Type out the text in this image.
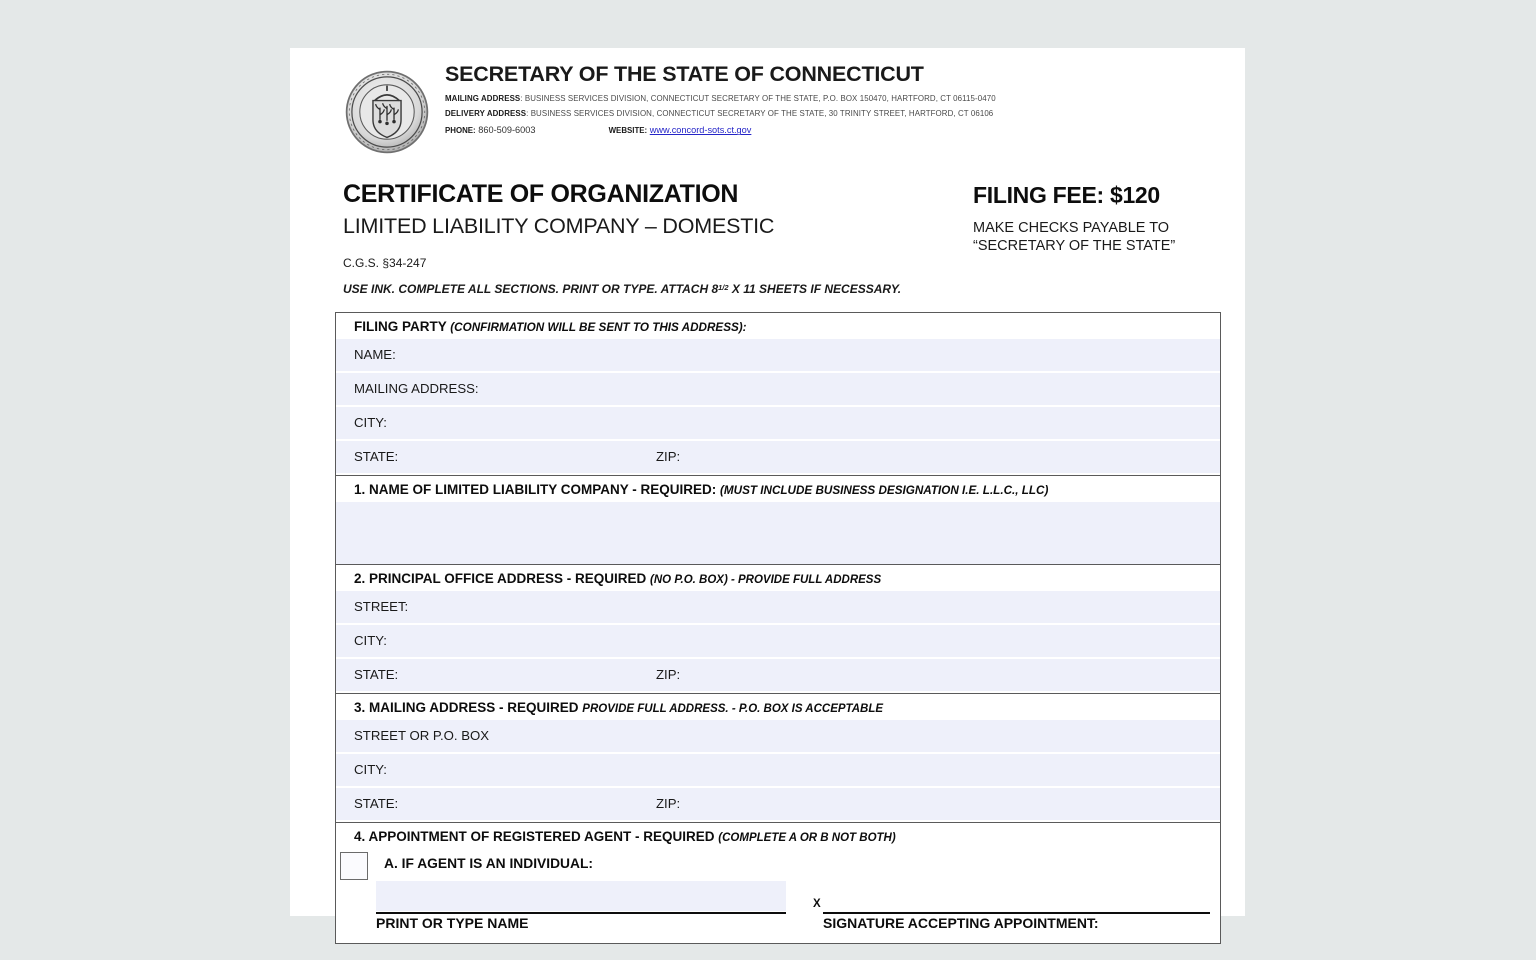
SECRETARY OF THE STATE OF CONNECTICUT
MAILING ADDRESS: BUSINESS SERVICES DIVISION, CONNECTICUT SECRETARY OF THE STATE, P.O. BOX 150470, HARTFORD, CT 06115-0470
DELIVERY ADDRESS: BUSINESS SERVICES DIVISION, CONNECTICUT SECRETARY OF THE STATE, 30 TRINITY STREET, HARTFORD, CT 06106
PHONE: 860-509-6003	WEBSITE: www.concord-sots.ct.gov
CERTIFICATE OF ORGANIZATION
LIMITED LIABILITY COMPANY – DOMESTIC
C.G.S. §34-247
USE INK. COMPLETE ALL SECTIONS. PRINT OR TYPE. ATTACH $8^{1/2}$ X 11 SHEETS IF NECESSARY.
FILING FEE: $120
MAKE CHECKS PAYABLE TO
“SECRETARY OF THE STATE”
FILING PARTY (CONFIRMATION WILL BE SENT TO THIS ADDRESS):
NAME:
MAILING ADDRESS:
CITY:
STATE:	ZIP:
1. NAME OF LIMITED LIABILITY COMPANY - REQUIRED: (MUST INCLUDE BUSINESS DESIGNATION I.E. L.L.C., LLC)
2. PRINCIPAL OFFICE ADDRESS - REQUIRED (NO P.O. BOX) - PROVIDE FULL ADDRESS
STREET:
CITY:
STATE:	ZIP:
3. MAILING ADDRESS - REQUIRED PROVIDE FULL ADDRESS. - P.O. BOX IS ACCEPTABLE
STREET OR P.O. BOX
CITY:
STATE:	ZIP:
4. APPOINTMENT OF REGISTERED AGENT - REQUIRED (COMPLETE A OR B NOT BOTH)
A. IF AGENT IS AN INDIVIDUAL:
PRINT OR TYPE NAME
X
SIGNATURE ACCEPTING APPOINTMENT:
